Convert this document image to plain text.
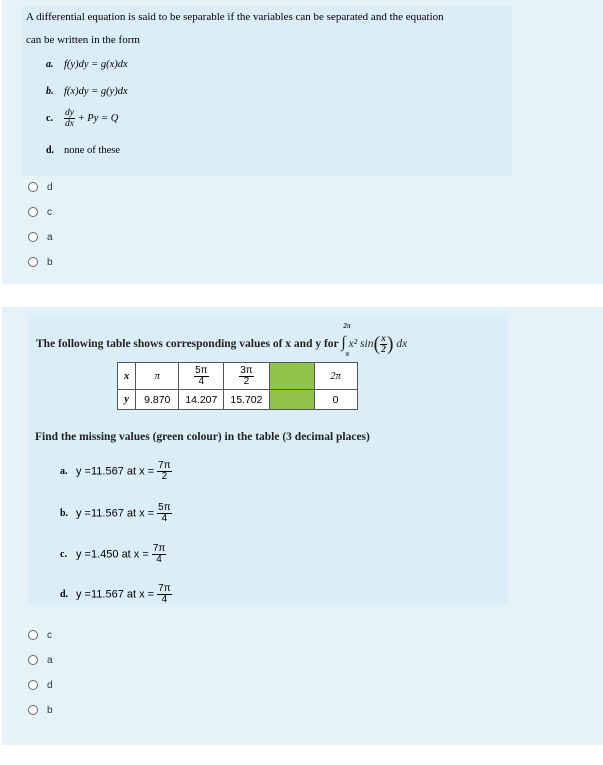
A differential equation is said to be separable if the variables can be separated and the equation
can be written in the form
a. f(y)dy = g(x)dx
b. f(x)dy = g(y)dx
c. $\frac{dy}{dx} + Py = Q$
d. none of these
d
c
a
b
The following table shows corresponding values of x and y for
2π
∫
π
x² $\sin( \frac{x}{2}$ ) dx
x	π	$\frac{5\pi}{4}$	$\frac{3\pi}{2}$		2π
y	9.870	14.207	15.702		0
Find the missing values (green colour) in the table (3 decimal places)
a. y =11.567 at $x = \frac{7\pi}{2}$
b. y =11.567 at $x = \frac{5\pi}{4}$
c. y =1.450 at $x = \frac{7\pi}{4}$
d. y =11.567 at $x = \frac{7\pi}{4}$
c
a
d
b
